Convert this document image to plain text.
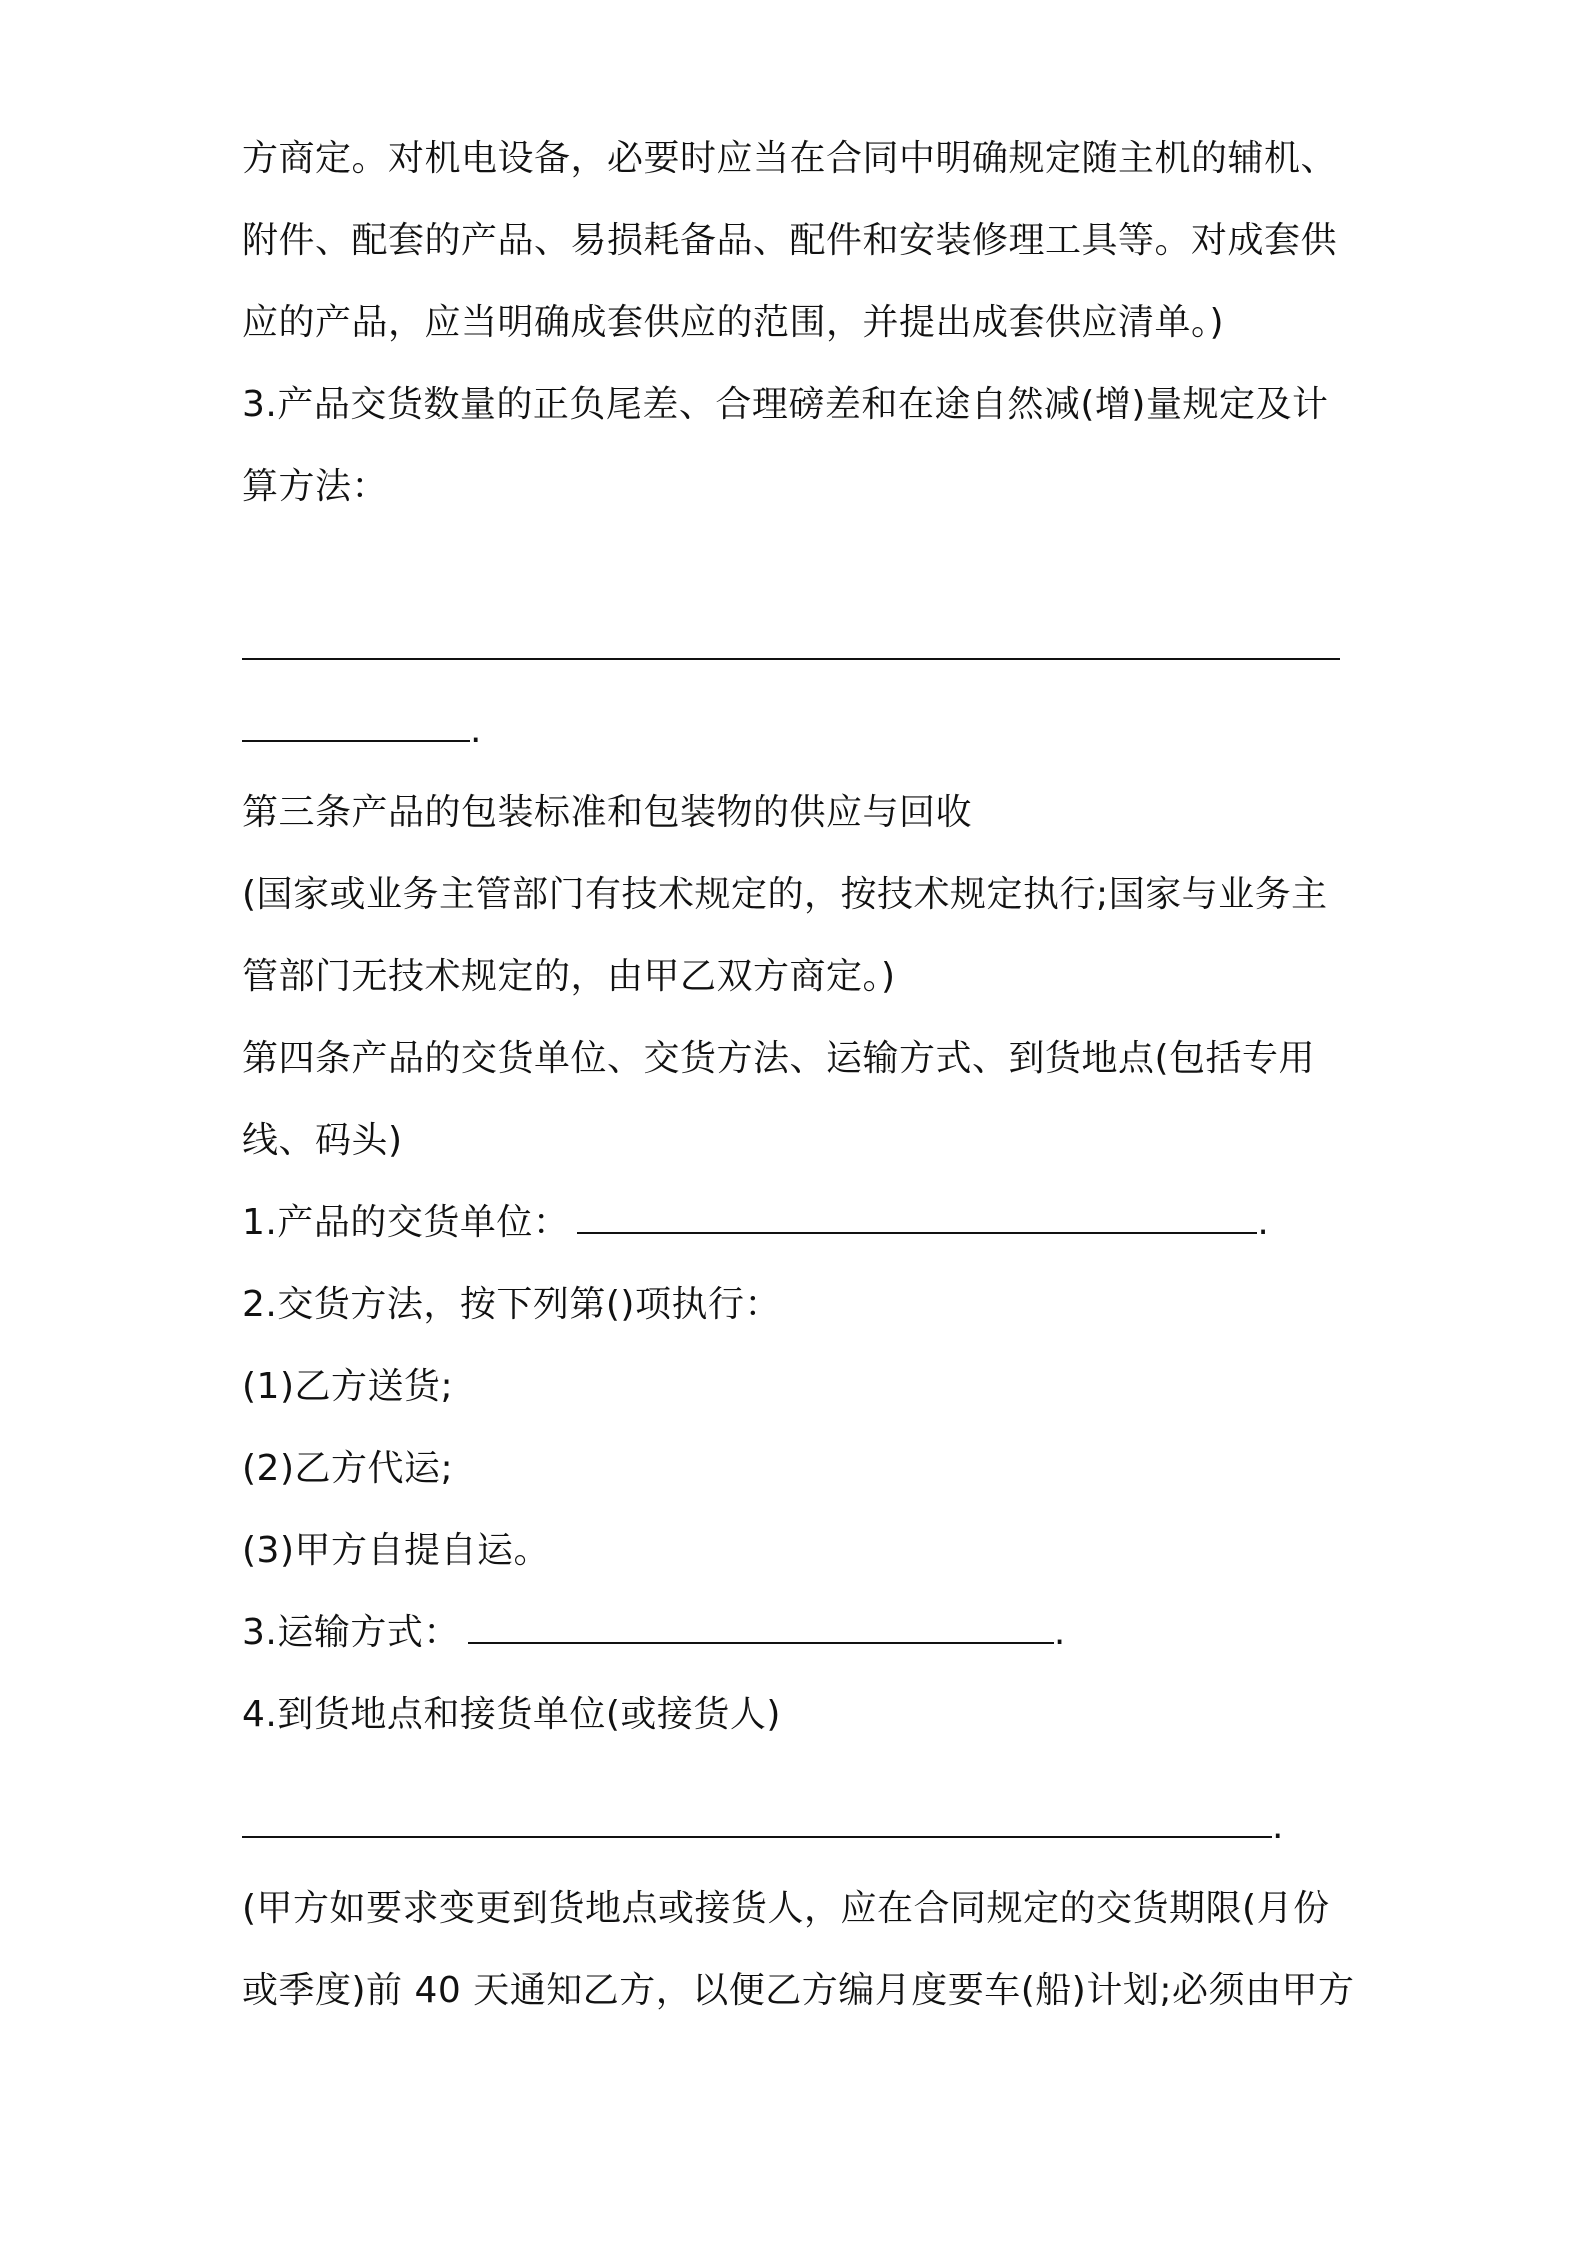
方商定。对机电设备，必要时应当在合同中明确规定随主机的辅机、
附件、配套的产品、易损耗备品、配件和安装修理工具等。对成套供
应的产品，应当明确成套供应的范围，并提出成套供应清单。)
3.产品交货数量的正负尾差、合理磅差和在途自然减(增)量规定及计
算方法：
.
第三条产品的包装标准和包装物的供应与回收
(国家或业务主管部门有技术规定的，按技术规定执行;国家与业务主
管部门无技术规定的，由甲乙双方商定。)
第四条产品的交货单位、交货方法、运输方式、到货地点(包括专用
线、码头)
1.产品的交货单位：	.
2.交货方法，按下列第()项执行：
(1)乙方送货;
(2)乙方代运;
(3)甲方自提自运。
3.运输方式：	.
4.到货地点和接货单位(或接货人)
.
(甲方如要求变更到货地点或接货人，应在合同规定的交货期限(月份
或季度)前 40 天通知乙方，以便乙方编月度要车(船)计划;必须由甲方
